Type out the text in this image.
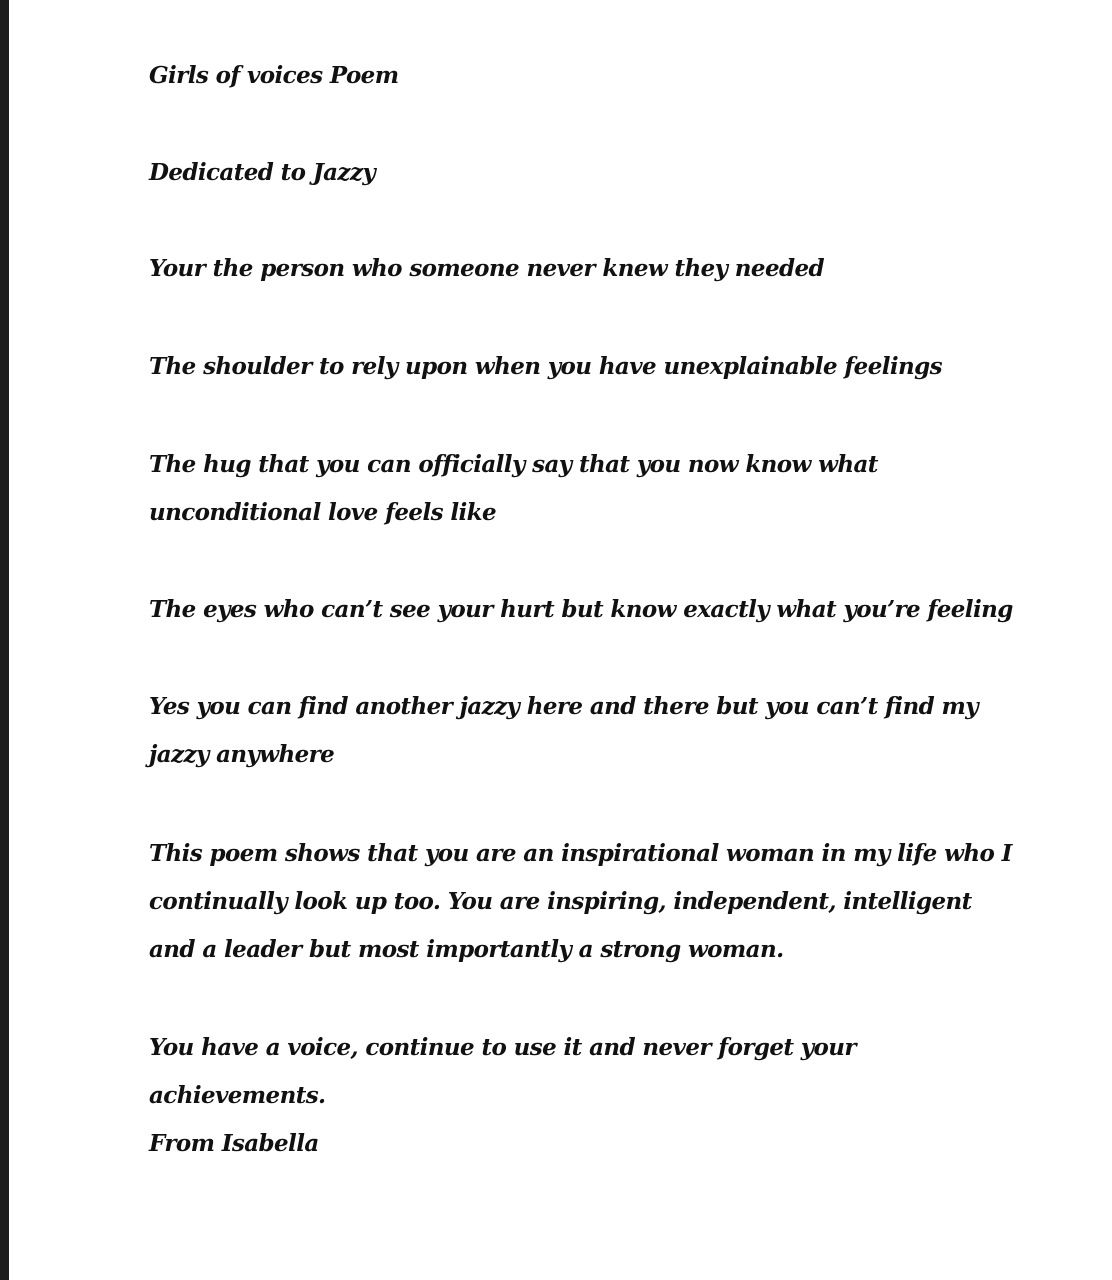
Girls of voices Poem

Dedicated to Jazzy

Your the person who someone never knew they needed

The shoulder to rely upon when you have unexplainable feelings

The hug that you can officially say that you now know what unconditional love feels like

The eyes who can’t see your hurt but know exactly what you’re feeling

Yes you can find another jazzy here and there but you can’t find my jazzy anywhere

This poem shows that you are an inspirational woman in my life who I continually look up too. You are inspiring, independent, intelligent and a leader but most importantly a strong woman.

You have a voice, continue to use it and never forget your achievements.

From Isabella
